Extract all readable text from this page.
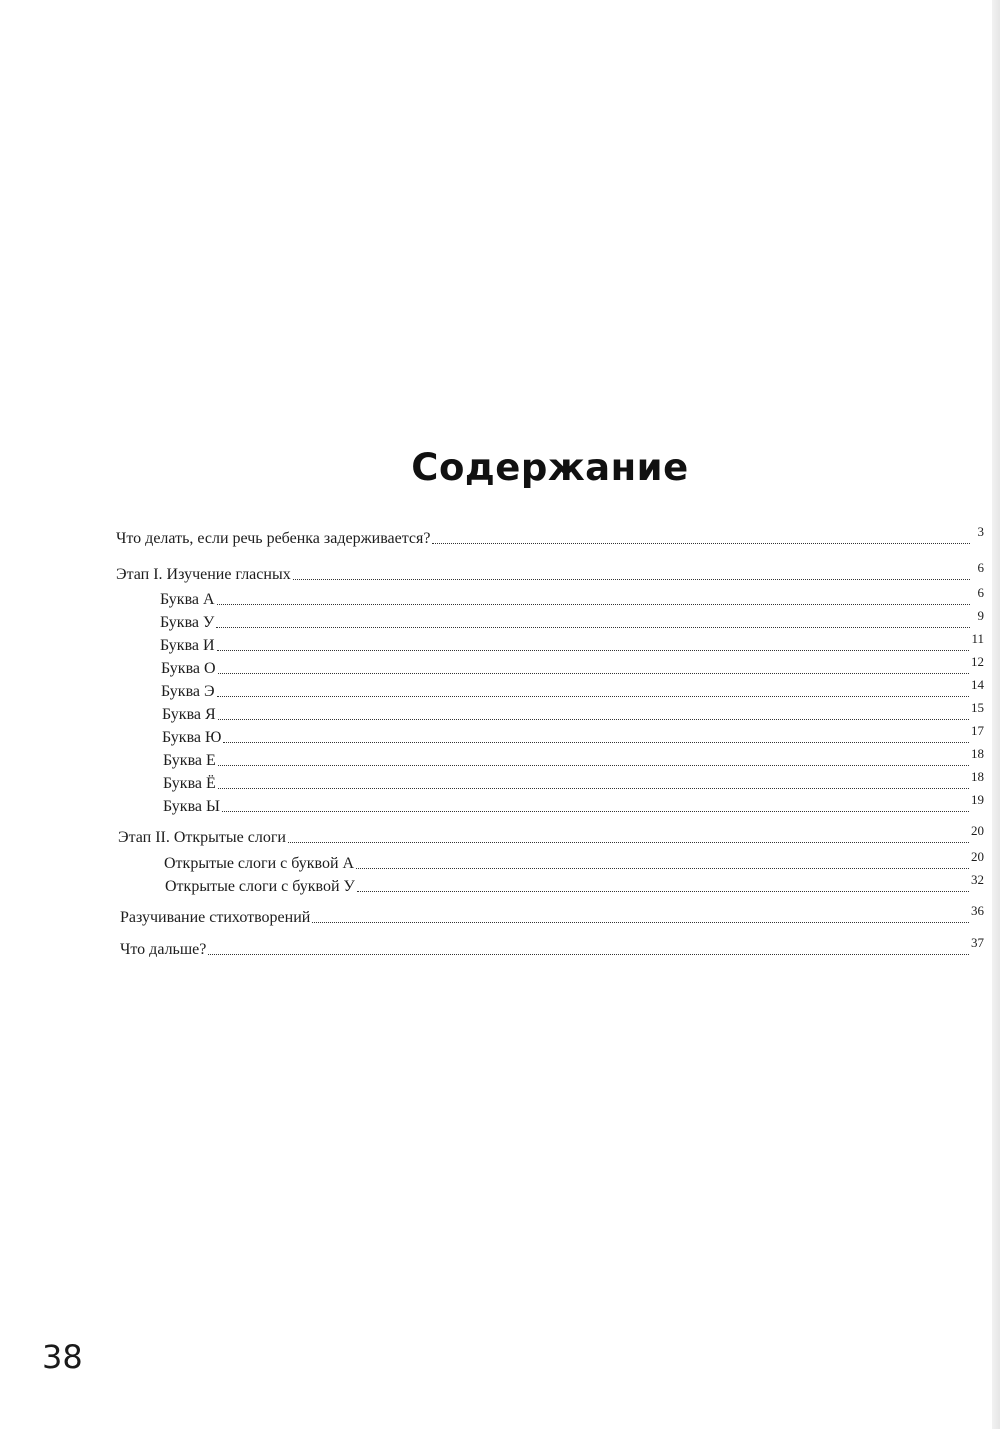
Содержание
Что делать, если речь ребенка задерживается?	3
Этап I. Изучение гласных	6
Буква А	6
Буква У	9
Буква И	11
Буква О	12
Буква Э	14
Буква Я	15
Буква Ю	17
Буква Е	18
Буква Ё	18
Буква Ы	19
Этап II. Открытые слоги	20
Открытые слоги с буквой А	20
Открытые слоги с буквой У	32
Разучивание стихотворений	36
Что дальше?	37

38
